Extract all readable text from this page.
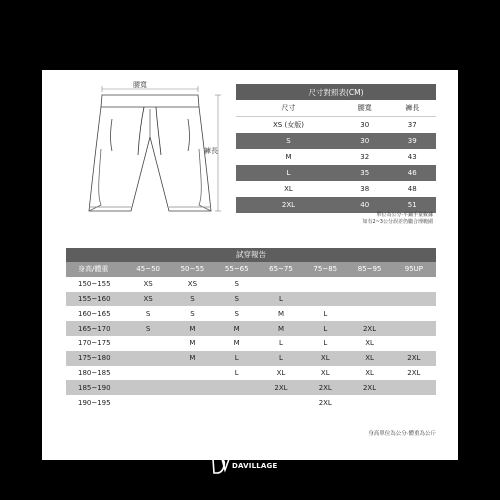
腰寬
褲長
尺寸對照表(CM)		
尺寸	腰寬	褲長
XS (女版)	30	37
S	30	39
M	32	43
L	35	46
XL	38	48
2XL	40	51
單位為公分·平鋪手量數據
如有2~3公分誤差仍屬合理範圍
試穿報告
身高/體重	45~50	50~55	55~65	65~75	75~85	85~95	95UP
150~155	XS	XS	S				
155~160	XS	S	S	L			
160~165	S	S	S	M	L		
165~170	S	M	M	M	L	2XL	
170~175		M	M	L	L	XL	
175~180		M	L	L	XL	XL	2XL
180~185			L	XL	XL	XL	2XL
185~190				2XL	2XL	2XL	
190~195					2XL		
身高單位為公分·體重為公斤
DAVILLAGE
